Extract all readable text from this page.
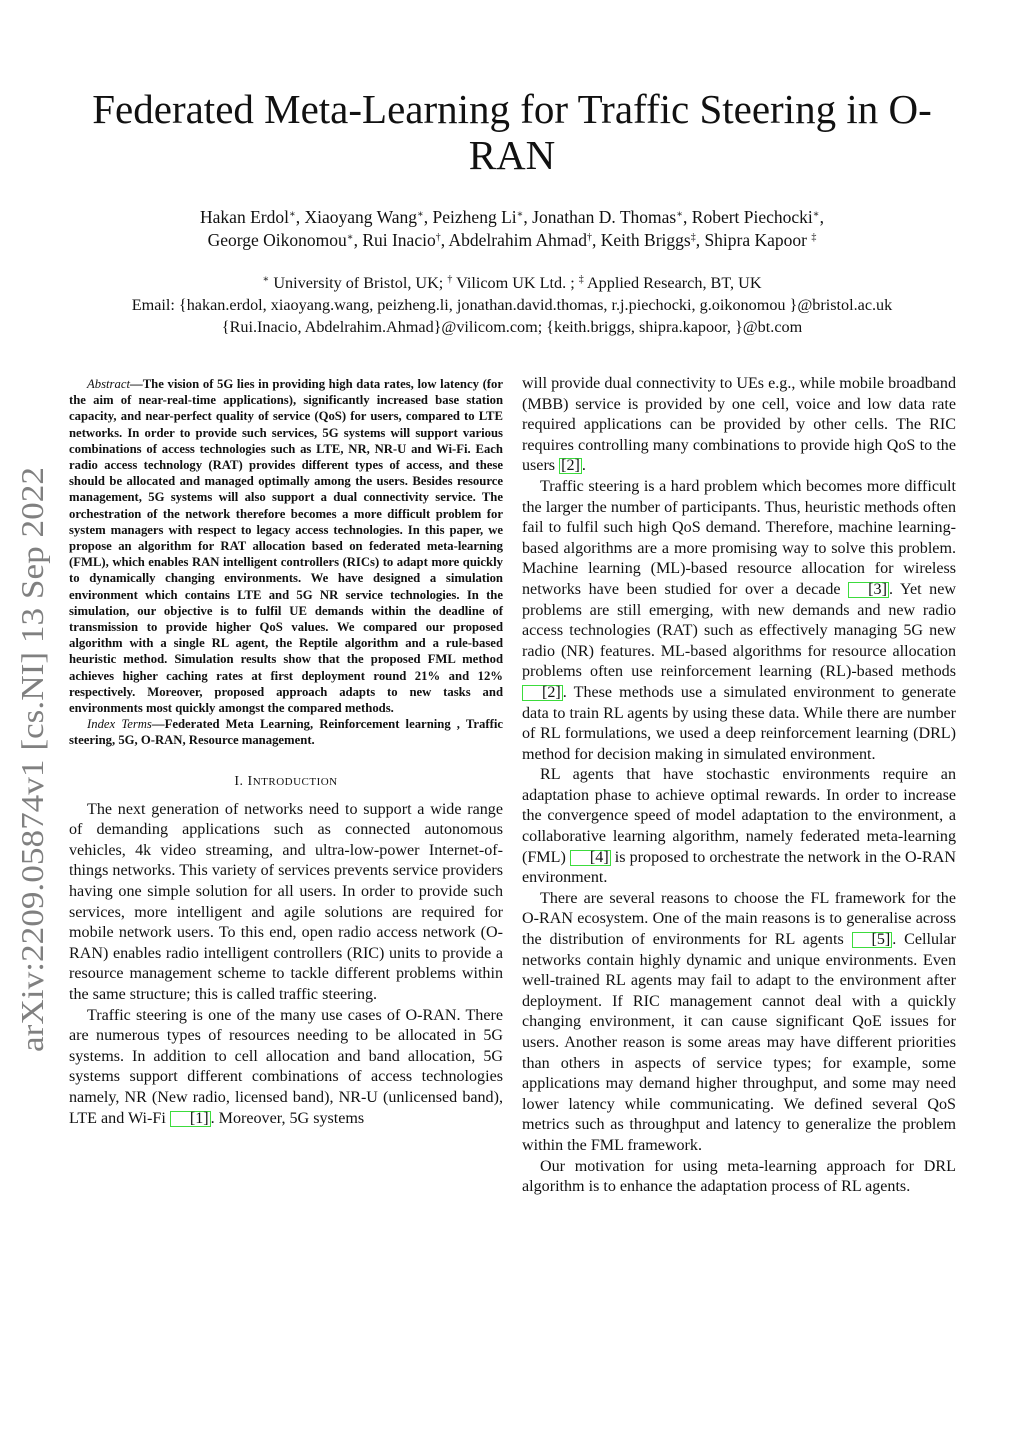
arXiv:2209.05874v1 [cs.NI] 13 Sep 2022
Federated Meta-Learning for Traffic Steering in O-RAN
Hakan Erdol∗, Xiaoyang Wang∗, Peizheng Li∗, Jonathan D. Thomas∗, Robert Piechocki∗,
George Oikonomou∗, Rui Inacio†, Abdelrahim Ahmad†, Keith Briggs‡, Shipra Kapoor ‡
∗ University of Bristol, UK; † Vilicom UK Ltd. ; ‡ Applied Research, BT, UK
Email: {hakan.erdol, xiaoyang.wang, peizheng.li, jonathan.david.thomas, r.j.piechocki, g.oikonomou }@bristol.ac.uk
{Rui.Inacio, Abdelrahim.Ahmad}@vilicom.com; {keith.briggs, shipra.kapoor, }@bt.com

Abstract—The vision of 5G lies in providing high data rates, low latency (for the aim of near-real-time applications), significantly increased base station capacity, and near-perfect quality of service (QoS) for users, compared to LTE networks. In order to provide such services, 5G systems will support various combinations of access technologies such as LTE, NR, NR-U and Wi-Fi. Each radio access technology (RAT) provides different types of access, and these should be allocated and managed optimally among the users. Besides resource management, 5G systems will also support a dual connectivity service. The orchestration of the network therefore becomes a more difficult problem for system managers with respect to legacy access technologies. In this paper, we propose an algorithm for RAT allocation based on federated meta-learning (FML), which enables RAN intelligent controllers (RICs) to adapt more quickly to dynamically changing environments. We have designed a simulation environment which contains LTE and 5G NR service technologies. In the simulation, our objective is to fulfil UE demands within the deadline of transmission to provide higher QoS values. We compared our proposed algorithm with a single RL agent, the Reptile algorithm and a rule-based heuristic method. Simulation results show that the proposed FML method achieves higher caching rates at first deployment round 21% and 12% respectively. Moreover, proposed approach adapts to new tasks and environments most quickly amongst the compared methods.

Index Terms—Federated Meta Learning, Reinforcement learning , Traffic steering, 5G, O-RAN, Resource management.

I. INTRODUCTION

The next generation of networks need to support a wide range of demanding applications such as connected autonomous vehicles, 4k video streaming, and ultra-low-power Internet-of-things networks. This variety of services prevents service providers having one simple solution for all users. In order to provide such services, more intelligent and agile solutions are required for mobile network users. To this end, open radio access network (O-RAN) enables radio intelligent controllers (RIC) units to provide a resource management scheme to tackle different problems within the same structure; this is called traffic steering.

Traffic steering is one of the many use cases of O-RAN. There are numerous types of resources needing to be allocated in 5G systems. In addition to cell allocation and band allocation, 5G systems support different combinations of access technologies namely, NR (New radio, licensed band), NR-U (unlicensed band), LTE and Wi-Fi [1] . Moreover, 5G systems

will provide dual connectivity to UEs e.g., while mobile broadband (MBB) service is provided by one cell, voice and low data rate required applications can be provided by other cells. The RIC requires controlling many combinations to provide high QoS to the users [2] .

Traffic steering is a hard problem which becomes more difficult the larger the number of participants. Thus, heuristic methods often fail to fulfil such high QoS demand. Therefore, machine learning-based algorithms are a more promising way to solve this problem. Machine learning (ML)-based resource allocation for wireless networks have been studied for over a decade [3] . Yet new problems are still emerging, with new demands and new radio access technologies (RAT) such as effectively managing 5G new radio (NR) features. ML-based algorithms for resource allocation problems often use reinforcement learning (RL)-based methods [2] . These methods use a simulated environment to generate data to train RL agents by using these data. While there are number of RL formulations, we used a deep reinforcement learning (DRL) method for decision making in simulated environment.

RL agents that have stochastic environments require an adaptation phase to achieve optimal rewards. In order to increase the convergence speed of model adaptation to the environment, a collaborative learning algorithm, namely federated meta-learning (FML) [4] is proposed to orchestrate the network in the O-RAN environment.

There are several reasons to choose the FL framework for the O-RAN ecosystem. One of the main reasons is to generalise across the distribution of environments for RL agents [5] . Cellular networks contain highly dynamic and unique environments. Even well-trained RL agents may fail to adapt to the environment after deployment. If RIC management cannot deal with a quickly changing environment, it can cause significant QoE issues for users. Another reason is some areas may have different priorities than others in aspects of service types; for example, some applications may demand higher throughput, and some may need lower latency while communicating. We defined several QoS metrics such as throughput and latency to generalize the problem within the FML framework.

Our motivation for using meta-learning approach for DRL algorithm is to enhance the adaptation process of RL agents.
